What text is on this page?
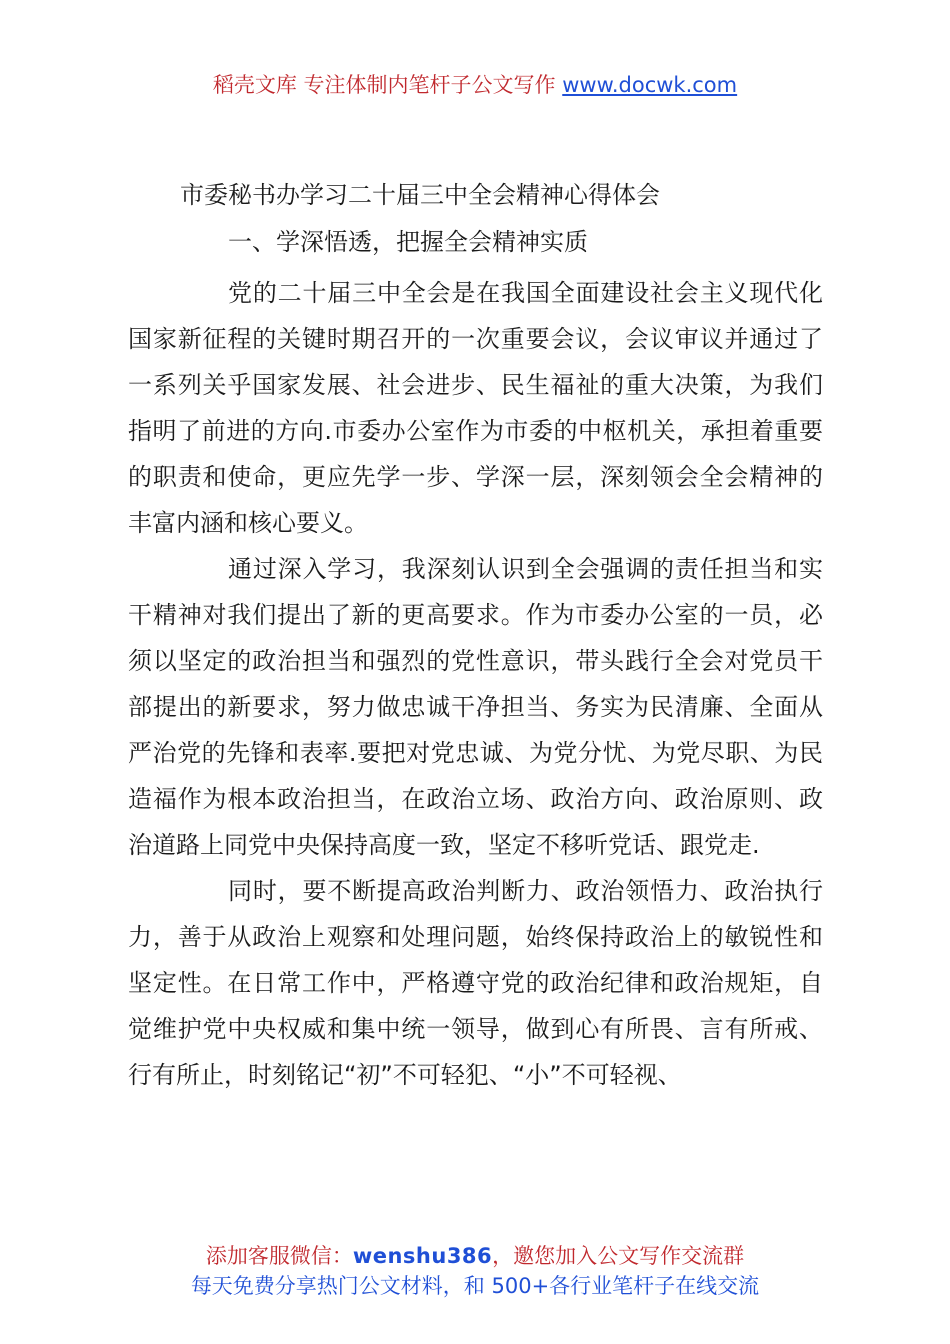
稻壳文库 专注体制内笔杆子公文写作 www.docwk.com
市委秘书办学习二十届三中全会精神心得体会
一、学深悟透，把握全会精神实质

党的二十届三中全会是在我国全面建设社会主义现代化国家新征程的关键时期召开的一次重要会议，会议审议并通过了一系列关乎国家发展、社会进步、民生福祉的重大决策，为我们指明了前进的方向.市委办公室作为市委的中枢机关，承担着重要的职责和使命，更应先学一步、学深一层，深刻领会全会精神的丰富内涵和核心要义。

通过深入学习，我深刻认识到全会强调的责任担当和实干精神对我们提出了新的更高要求。作为市委办公室的一员，必须以坚定的政治担当和强烈的党性意识，带头践行全会对党员干部提出的新要求，努力做忠诚干净担当、务实为民清廉、全面从严治党的先锋和表率.要把对党忠诚、为党分忧、为党尽职、为民造福作为根本政治担当，在政治立场、政治方向、政治原则、政治道路上同党中央保持高度一致，坚定不移听党话、跟党走.

同时，要不断提高政治判断力、政治领悟力、政治执行力，善于从政治上观察和处理问题，始终保持政治上的敏锐性和坚定性。在日常工作中，严格遵守党的政治纪律和政治规矩，自觉维护党中央权威和集中统一领导，做到心有所畏、言有所戒、行有所止，时刻铭记“初”不可轻犯、“小”不可轻视、

添加客服微信：wenshu386，邀您加入公文写作交流群
每天免费分享热门公文材料，和 500+各行业笔杆子在线交流
